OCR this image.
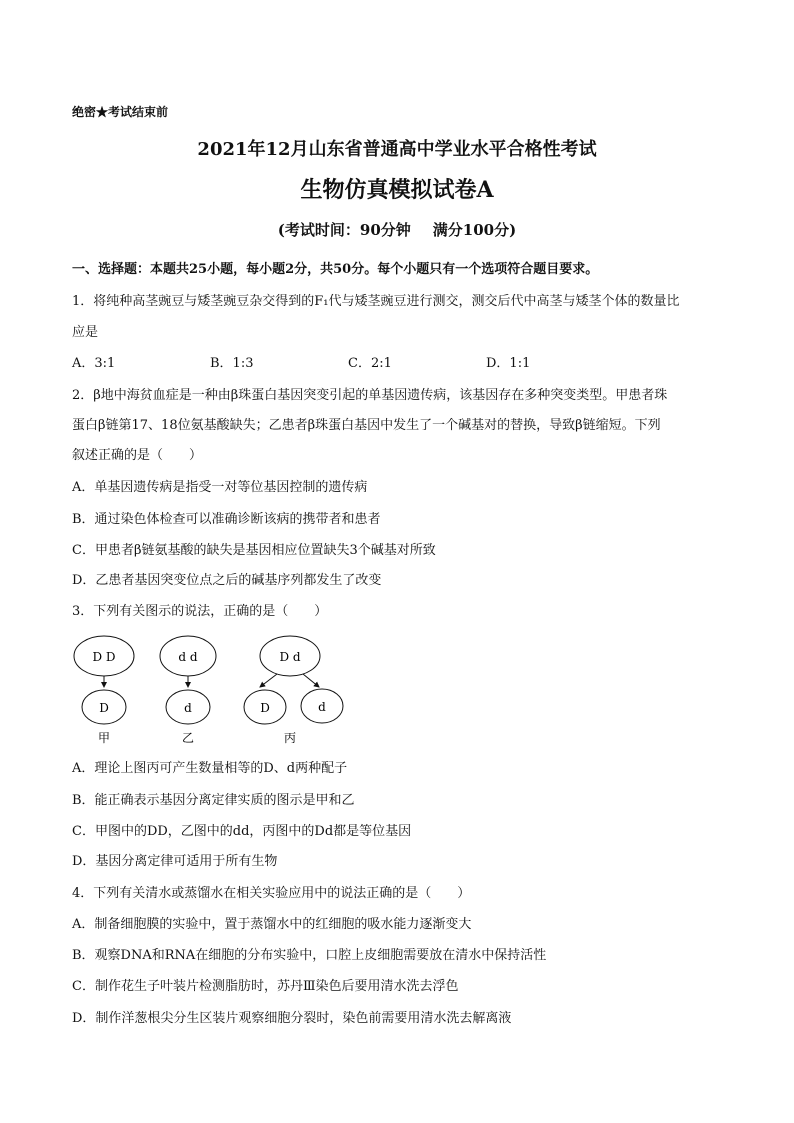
绝密★考试结束前
2021年12月山东省普通高中学业水平合格性考试
生物仿真模拟试卷A
(考试时间：90分钟 满分100分)
一、选择题：本题共25小题，每小题2分，共50分。每个小题只有一个选项符合题目要求。
1．将纯种高茎豌豆与矮茎豌豆杂交得到的F₁代与矮茎豌豆进行测交，测交后代中高茎与矮茎个体的数量比
应是
A．3:1	B．1:3	C．2:1	D．1:1
2．β地中海贫血症是一种由β珠蛋白基因突变引起的单基因遗传病，该基因存在多种突变类型。甲患者珠
蛋白β链第17、18位氨基酸缺失；乙患者β珠蛋白基因中发生了一个碱基对的替换，导致β链缩短。下列
叙述正确的是（　　）
A．单基因遗传病是指受一对等位基因控制的遗传病
B．通过染色体检查可以准确诊断该病的携带者和患者
C．甲患者β链氨基酸的缺失是基因相应位置缺失3个碱基对所致
D．乙患者基因突变位点之后的碱基序列都发生了改变
3．下列有关图示的说法，正确的是（　　）
D D
D
甲
d d
d
乙
D d
D	d
丙
A．理论上图丙可产生数量相等的D、d两种配子
B．能正确表示基因分离定律实质的图示是甲和乙
C．甲图中的DD，乙图中的dd，丙图中的Dd都是等位基因
D．基因分离定律可适用于所有生物
4．下列有关清水或蒸馏水在相关实验应用中的说法正确的是（　　）
A．制备细胞膜的实验中，置于蒸馏水中的红细胞的吸水能力逐渐变大
B．观察DNA和RNA在细胞的分布实验中，口腔上皮细胞需要放在清水中保持活性
C．制作花生子叶装片检测脂肪时，苏丹Ⅲ染色后要用清水洗去浮色
D．制作洋葱根尖分生区装片观察细胞分裂时，染色前需要用清水洗去解离液
